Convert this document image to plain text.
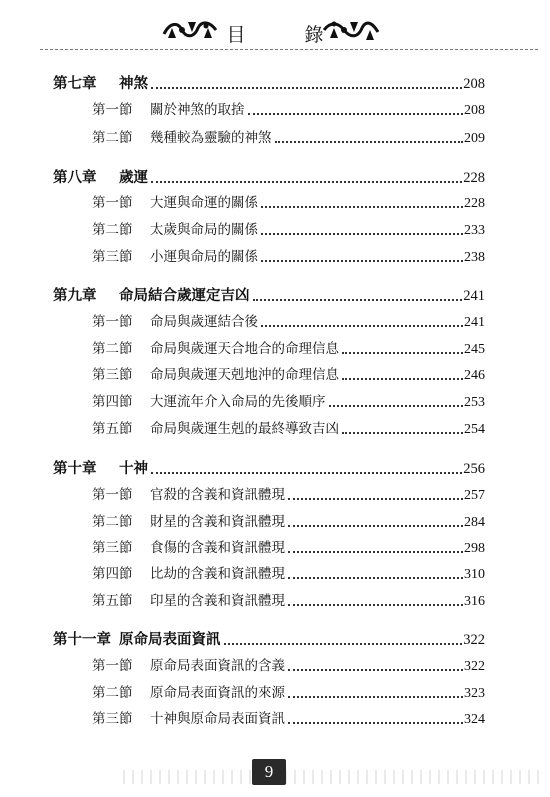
目	錄
第七章	神煞	208
第一節	關於神煞的取捨	208
第二節	幾種較為靈驗的神煞	209
第八章	歲運	228
第一節	大運與命運的關係	228
第二節	太歲與命局的關係	233
第三節	小運與命局的關係	238
第九章	命局結合歲運定吉凶	241
第一節	命局與歲運結合後	241
第二節	命局與歲運天合地合的命理信息	245
第三節	命局與歲運天剋地沖的命理信息	246
第四節	大運流年介入命局的先後順序	253
第五節	命局與歲運生剋的最終導致吉凶	254
第十章	十神	256
第一節	官殺的含義和資訊體現	257
第二節	財星的含義和資訊體現	284
第三節	食傷的含義和資訊體現	298
第四節	比劫的含義和資訊體現	310
第五節	印星的含義和資訊體現	316
第十一章 原命局表面資訊	322
第一節	原命局表面資訊的含義	322
第二節	原命局表面資訊的來源	323
第三節	十神與原命局表面資訊	324
9
